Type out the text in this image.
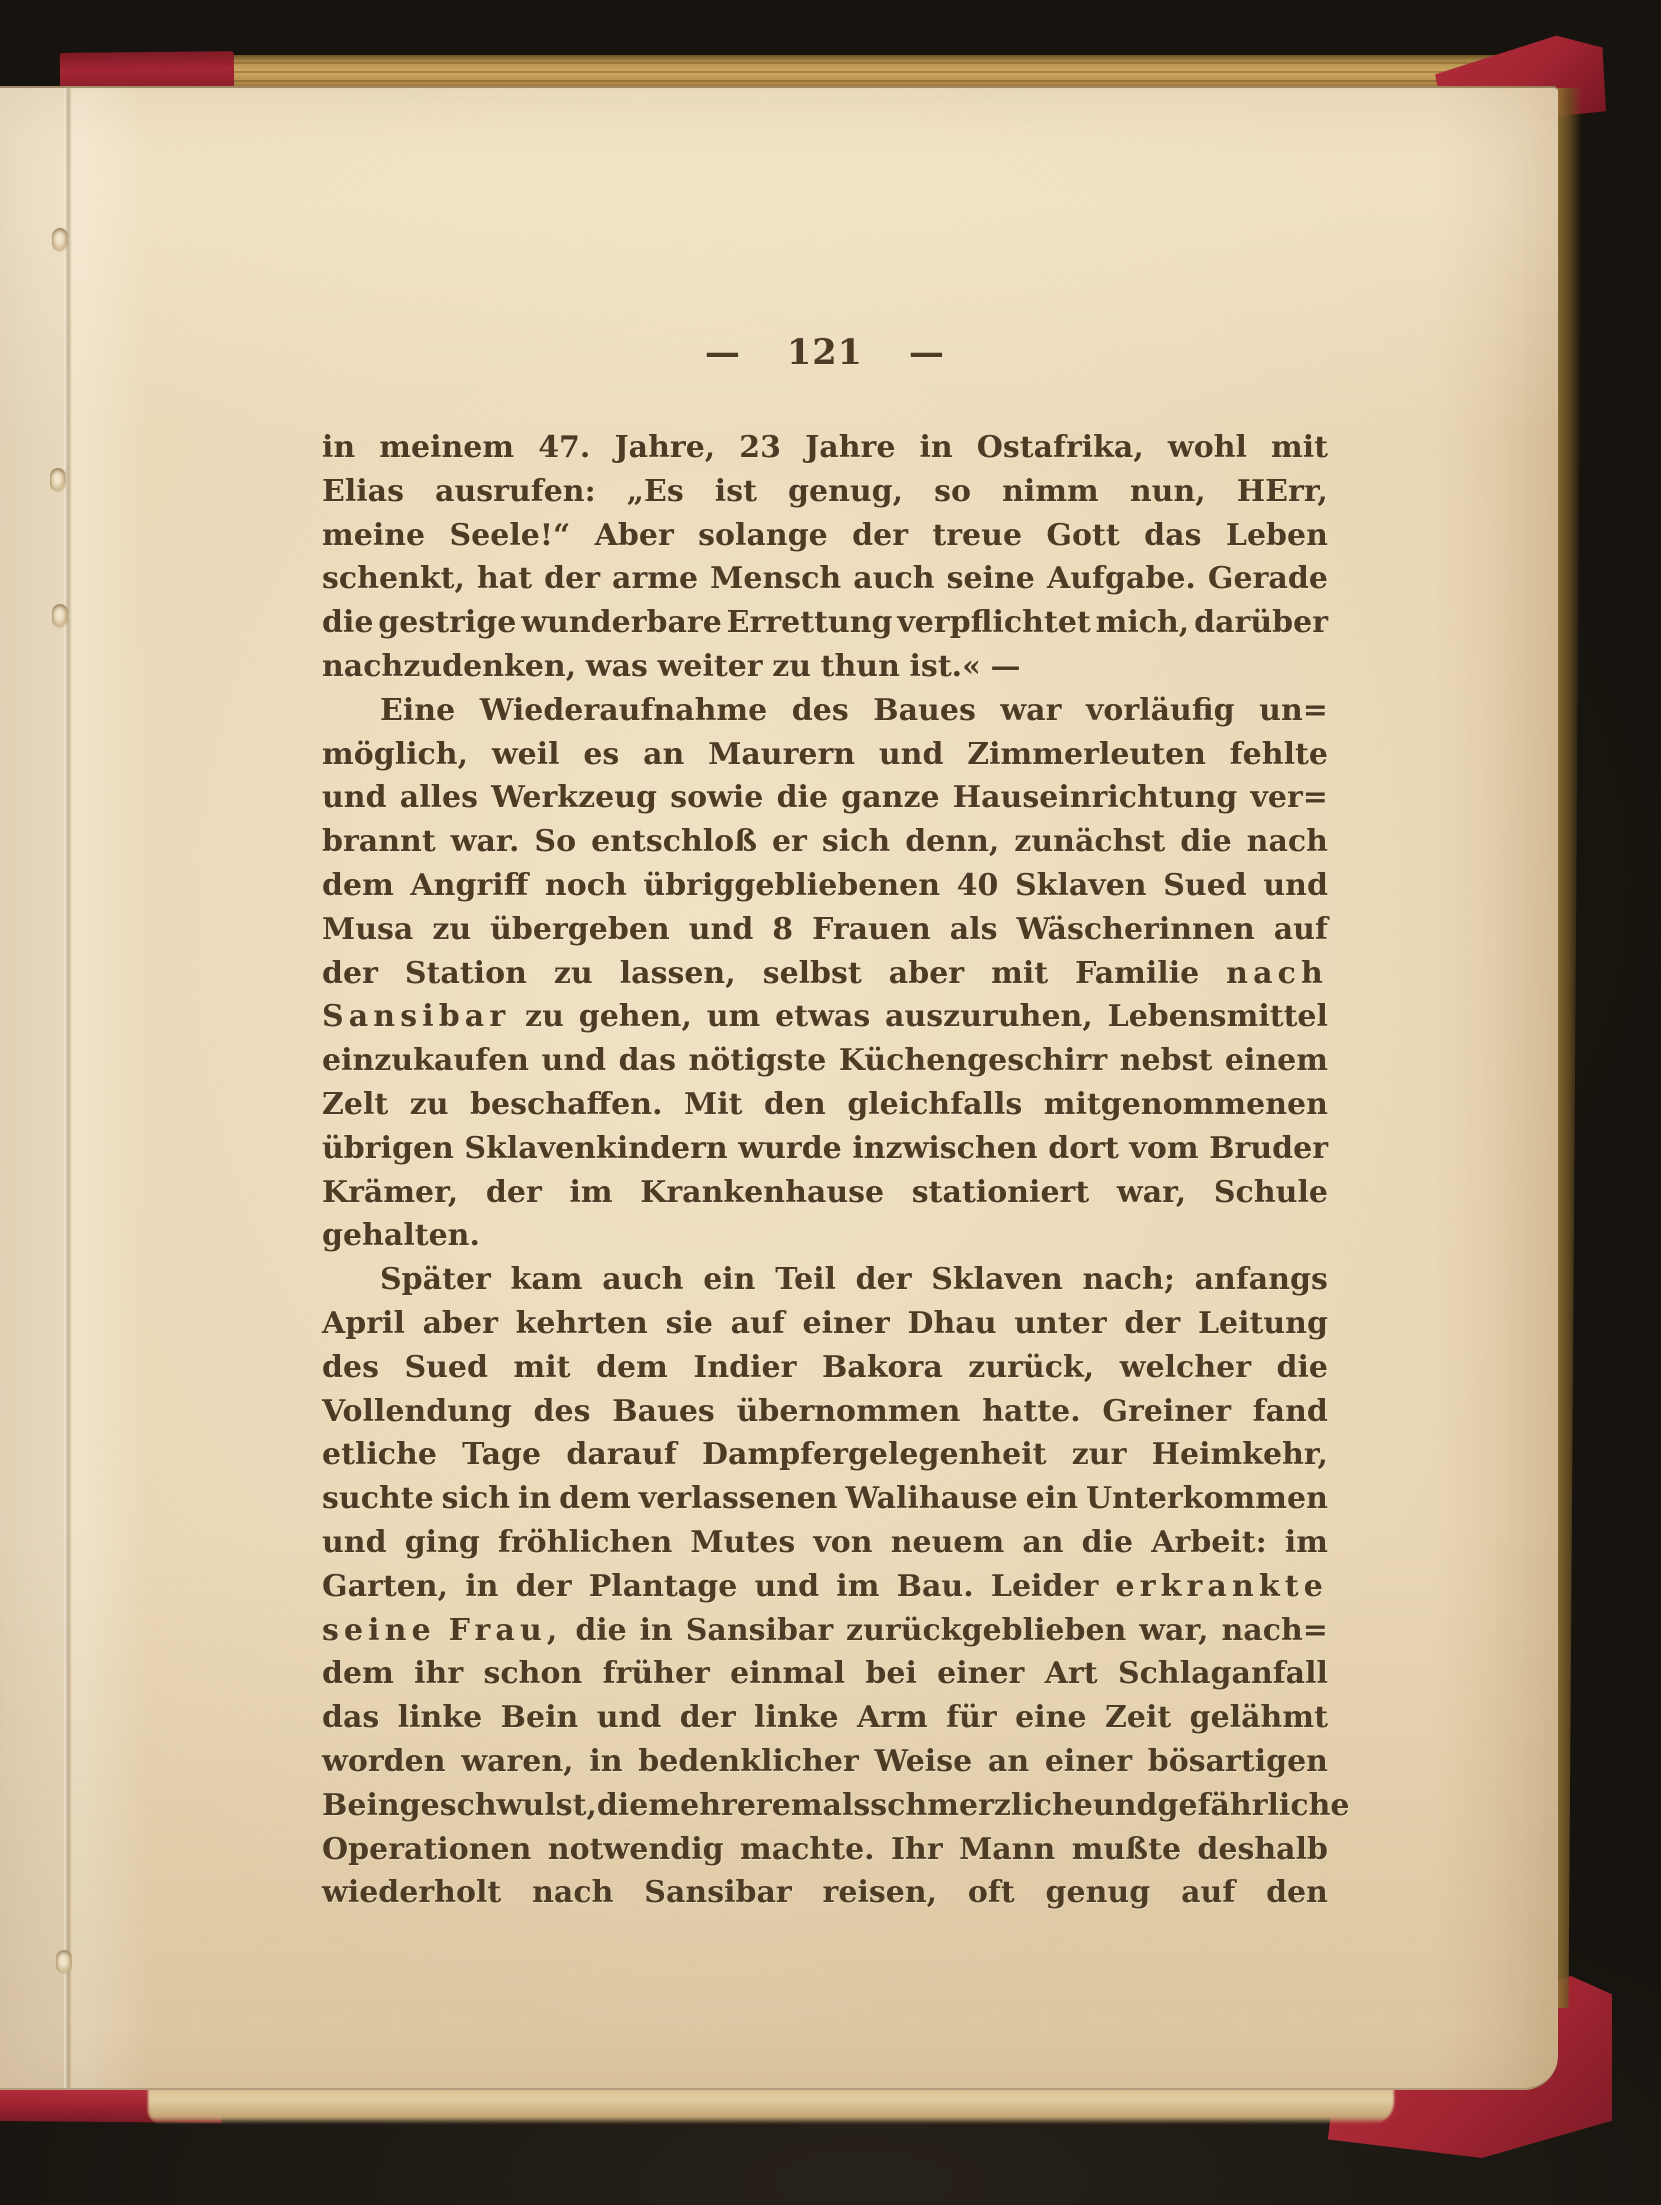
— 121 —
in meinem 47. Jahre, 23 Jahre in Ostafrika, wohl mit
Elias ausrufen: „Es ist genug, so nimm nun, HErr,
meine Seele!“ Aber solange der treue Gott das Leben
schenkt, hat der arme Mensch auch seine Aufgabe. Gerade
die gestrige wunderbare Errettung verpflichtet mich, darüber
nachzudenken, was weiter zu thun ist.« —
Eine Wiederaufnahme des Baues war vorläufig un=
möglich, weil es an Maurern und Zimmerleuten fehlte
und alles Werkzeug sowie die ganze Hauseinrichtung ver=
brannt war. So entschloß er sich denn, zunächst die nach
dem Angriff noch übriggebliebenen 40 Sklaven Sued und
Musa zu übergeben und 8 Frauen als Wäscherinnen auf
der Station zu lassen, selbst aber mit Familie nach
Sansibar zu gehen, um etwas auszuruhen, Lebensmittel
einzukaufen und das nötigste Küchengeschirr nebst einem
Zelt zu beschaffen. Mit den gleichfalls mitgenommenen
übrigen Sklavenkindern wurde inzwischen dort vom Bruder
Krämer, der im Krankenhause stationiert war, Schule
gehalten.
Später kam auch ein Teil der Sklaven nach; anfangs
April aber kehrten sie auf einer Dhau unter der Leitung
des Sued mit dem Indier Bakora zurück, welcher die
Vollendung des Baues übernommen hatte. Greiner fand
etliche Tage darauf Dampfergelegenheit zur Heimkehr,
suchte sich in dem verlassenen Walihause ein Unterkommen
und ging fröhlichen Mutes von neuem an die Arbeit: im
Garten, in der Plantage und im Bau. Leider erkrankte
seine Frau, die in Sansibar zurückgeblieben war, nach=
dem ihr schon früher einmal bei einer Art Schlaganfall
das linke Bein und der linke Arm für eine Zeit gelähmt
worden waren, in bedenklicher Weise an einer bösartigen
Beingeschwulst, die mehreremals schmerzliche und gefährliche
Operationen notwendig machte. Ihr Mann mußte deshalb
wiederholt nach Sansibar reisen, oft genug auf den
